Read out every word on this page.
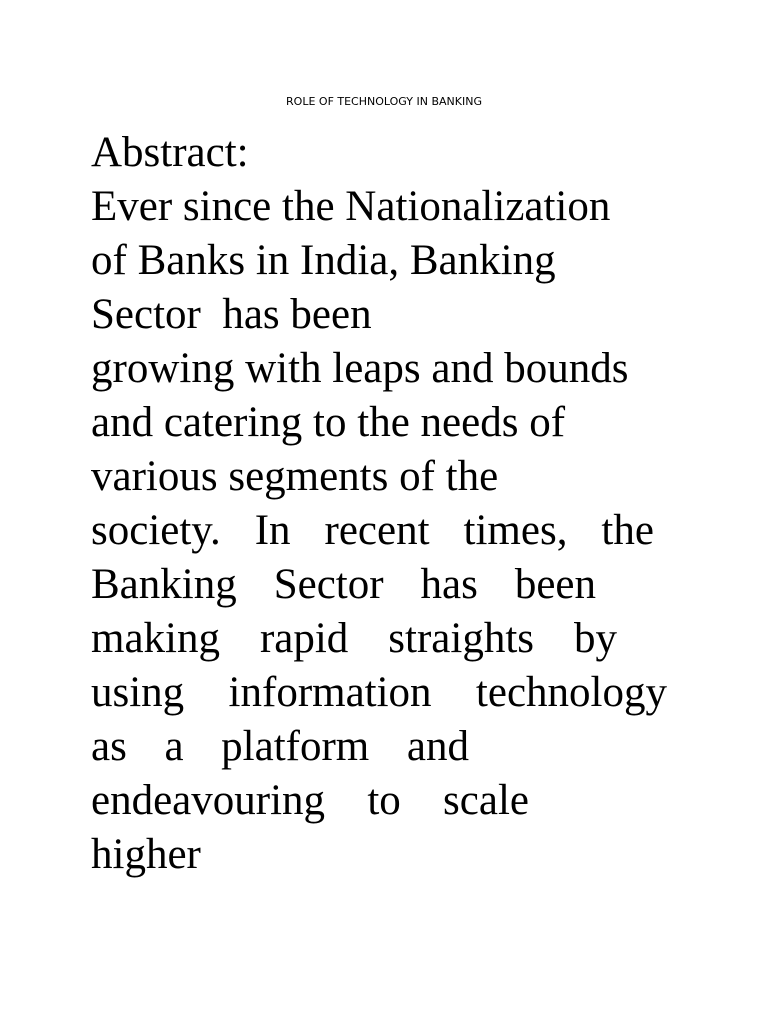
ROLE OF TECHNOLOGY IN BANKING
Abstract:
Ever since the Nationalization
of Banks in India, Banking
Sector  has been
growing with leaps and bounds
and catering to the needs of
various segments of the
society. In recent times, the
Banking Sector has been
making rapid straights by
using information technology
as a platform and
endeavouring to scale
higher
